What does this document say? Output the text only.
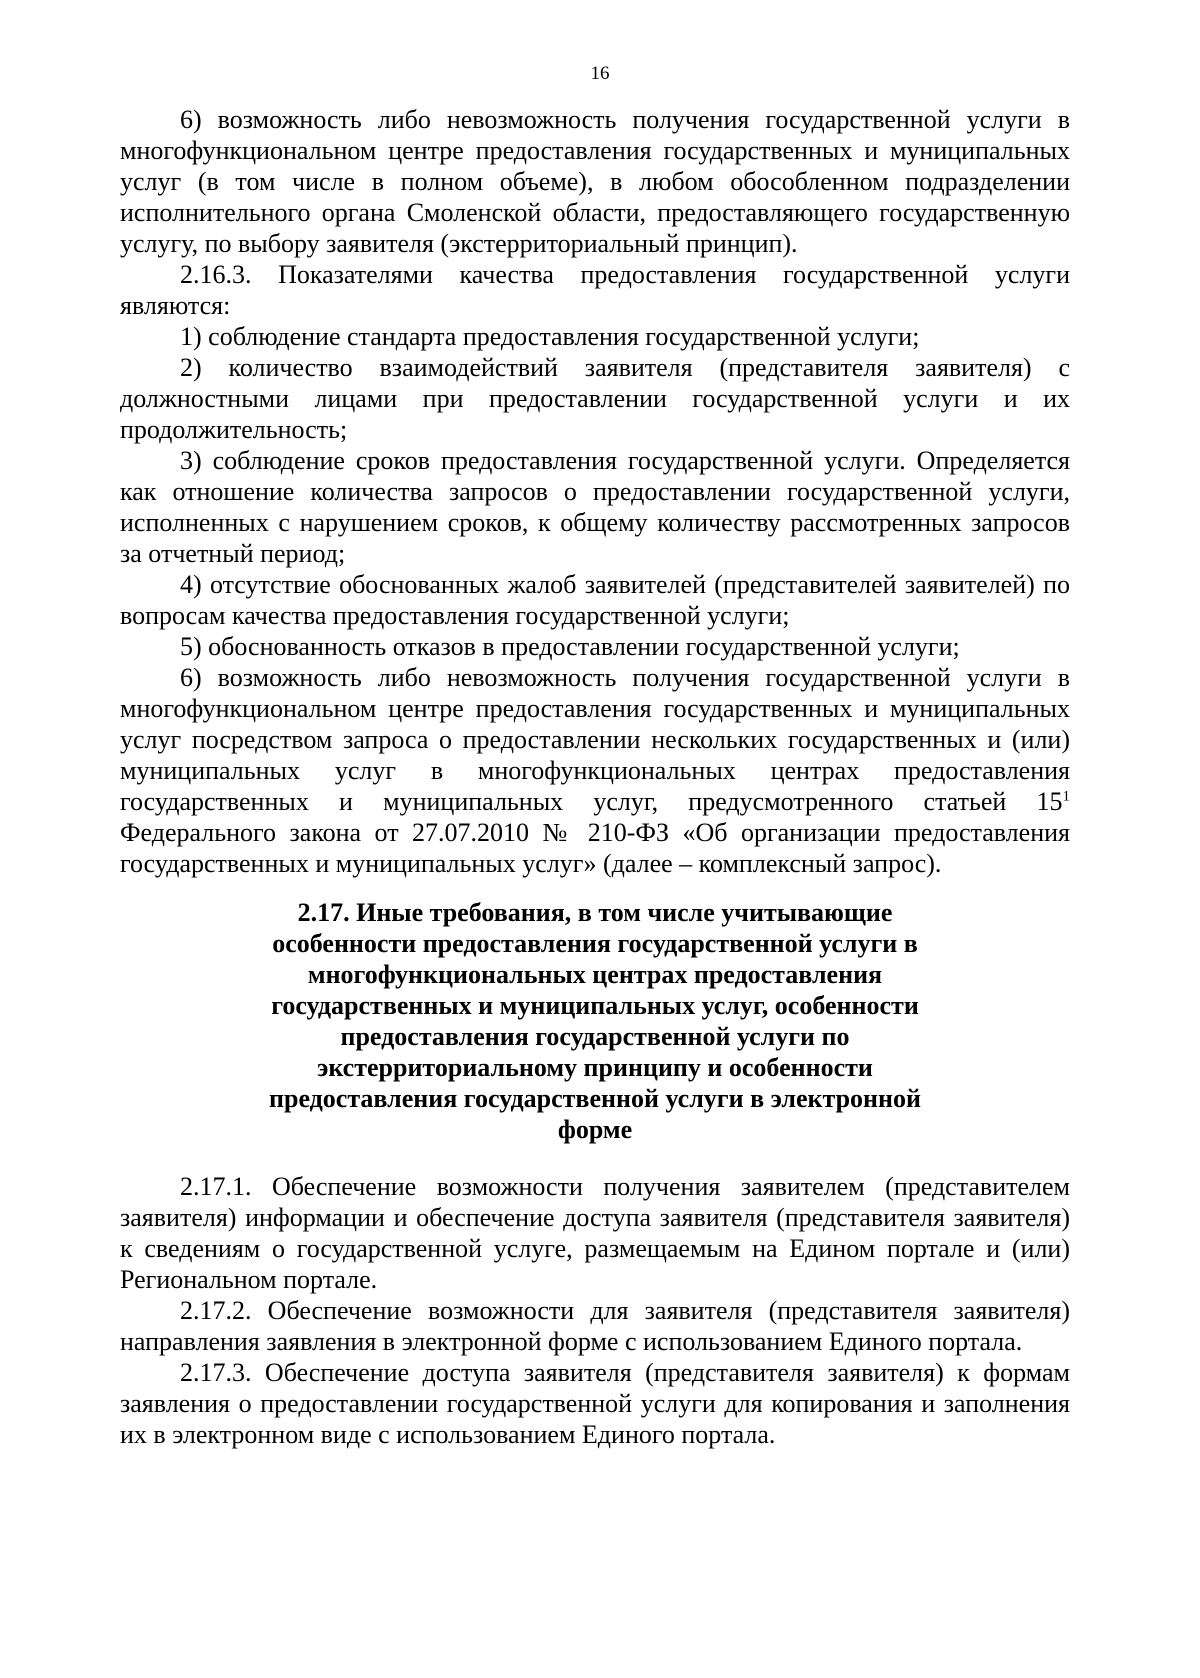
16

6) возможность либо невозможность получения государственной услуги в многофункциональном центре предоставления государственных и муниципальных услуг (в том числе в полном объеме), в любом обособленном подразделении исполнительного органа Смоленской области, предоставляющего государственную услугу, по выбору заявителя (экстерриториальный принцип).

2.16.3. Показателями качества предоставления государственной услуги являются:

1) соблюдение стандарта предоставления государственной услуги;

2) количество взаимодействий заявителя (представителя заявителя) с должностными лицами при предоставлении государственной услуги и их продолжительность;

3) соблюдение сроков предоставления государственной услуги. Определяется как отношение количества запросов о предоставлении государственной услуги, исполненных с нарушением сроков, к общему количеству рассмотренных запросов за отчетный период;

4) отсутствие обоснованных жалоб заявителей (представителей заявителей) по вопросам качества предоставления государственной услуги;

5) обоснованность отказов в предоставлении государственной услуги;

6) возможность либо невозможность получения государственной услуги в многофункциональном центре предоставления государственных и муниципальных услуг посредством запроса о предоставлении нескольких государственных и (или) муниципальных услуг в многофункциональных центрах предоставления государственных и муниципальных услуг, предусмотренного статьей $15^1$ Федерального закона от 27.07.2010 № 210-ФЗ «Об организации предоставления государственных и муниципальных услуг» (далее – комплексный запрос).

2.17. Иные требования, в том числе учитывающие особенности предоставления государственной услуги в многофункциональных центрах предоставления государственных и муниципальных услуг, особенности предоставления государственной услуги по экстерриториальному принципу и особенности предоставления государственной услуги в электронной форме

2.17.1. Обеспечение возможности получения заявителем (представителем заявителя) информации и обеспечение доступа заявителя (представителя заявителя) к сведениям о государственной услуге, размещаемым на Едином портале и (или) Региональном портале.

2.17.2. Обеспечение возможности для заявителя (представителя заявителя) направления заявления в электронной форме с использованием Единого портала.

2.17.3. Обеспечение доступа заявителя (представителя заявителя) к формам заявления о предоставлении государственной услуги для копирования и заполнения их в электронном виде с использованием Единого портала.
